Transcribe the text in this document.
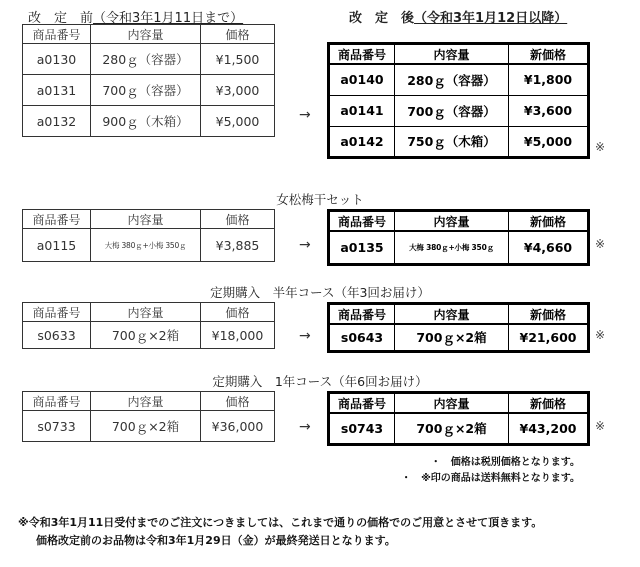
改　定　前（令和3年1月11日まで）	改　定　後（令和3年1月12日以降）
商品番号	内容量	価格
a0130	280ｇ（容器）	¥1,500
a0131	700ｇ（容器）	¥3,000
a0132	900ｇ（木箱）	¥5,000	→
商品番号	内容量	新価格
a0140	280ｇ（容器）	¥1,800
a0141	700ｇ（容器）	¥3,600
a0142	750ｇ（木箱）	¥5,000 ※
女松梅干セット
商品番号	内容量	価格
a0115	大梅 380ｇ+小梅 350ｇ	¥3,885	→
商品番号	内容量	新価格
a0135	大梅 380ｇ+小梅 350ｇ	¥4,660 ※
定期購入　半年コース（年3回お届け）
商品番号	内容量	価格
s0633	700ｇ×2箱	¥18,000	→
商品番号	内容量	新価格
s0643	700ｇ×2箱	¥21,600 ※
定期購入　1年コース（年6回お届け）
商品番号	内容量	価格
s0733	700ｇ×2箱	¥36,000	→
商品番号	内容量	新価格
s0743	700ｇ×2箱	¥43,200 ※
・　価格は税別価格となります。
・　※印の商品は送料無料となります。
※令和3年1月11日受付までのご注文につきましては、これまで通りの価格でのご用意とさせて頂きます。
価格改定前のお品物は令和3年1月29日（金）が最終発送日となります。
